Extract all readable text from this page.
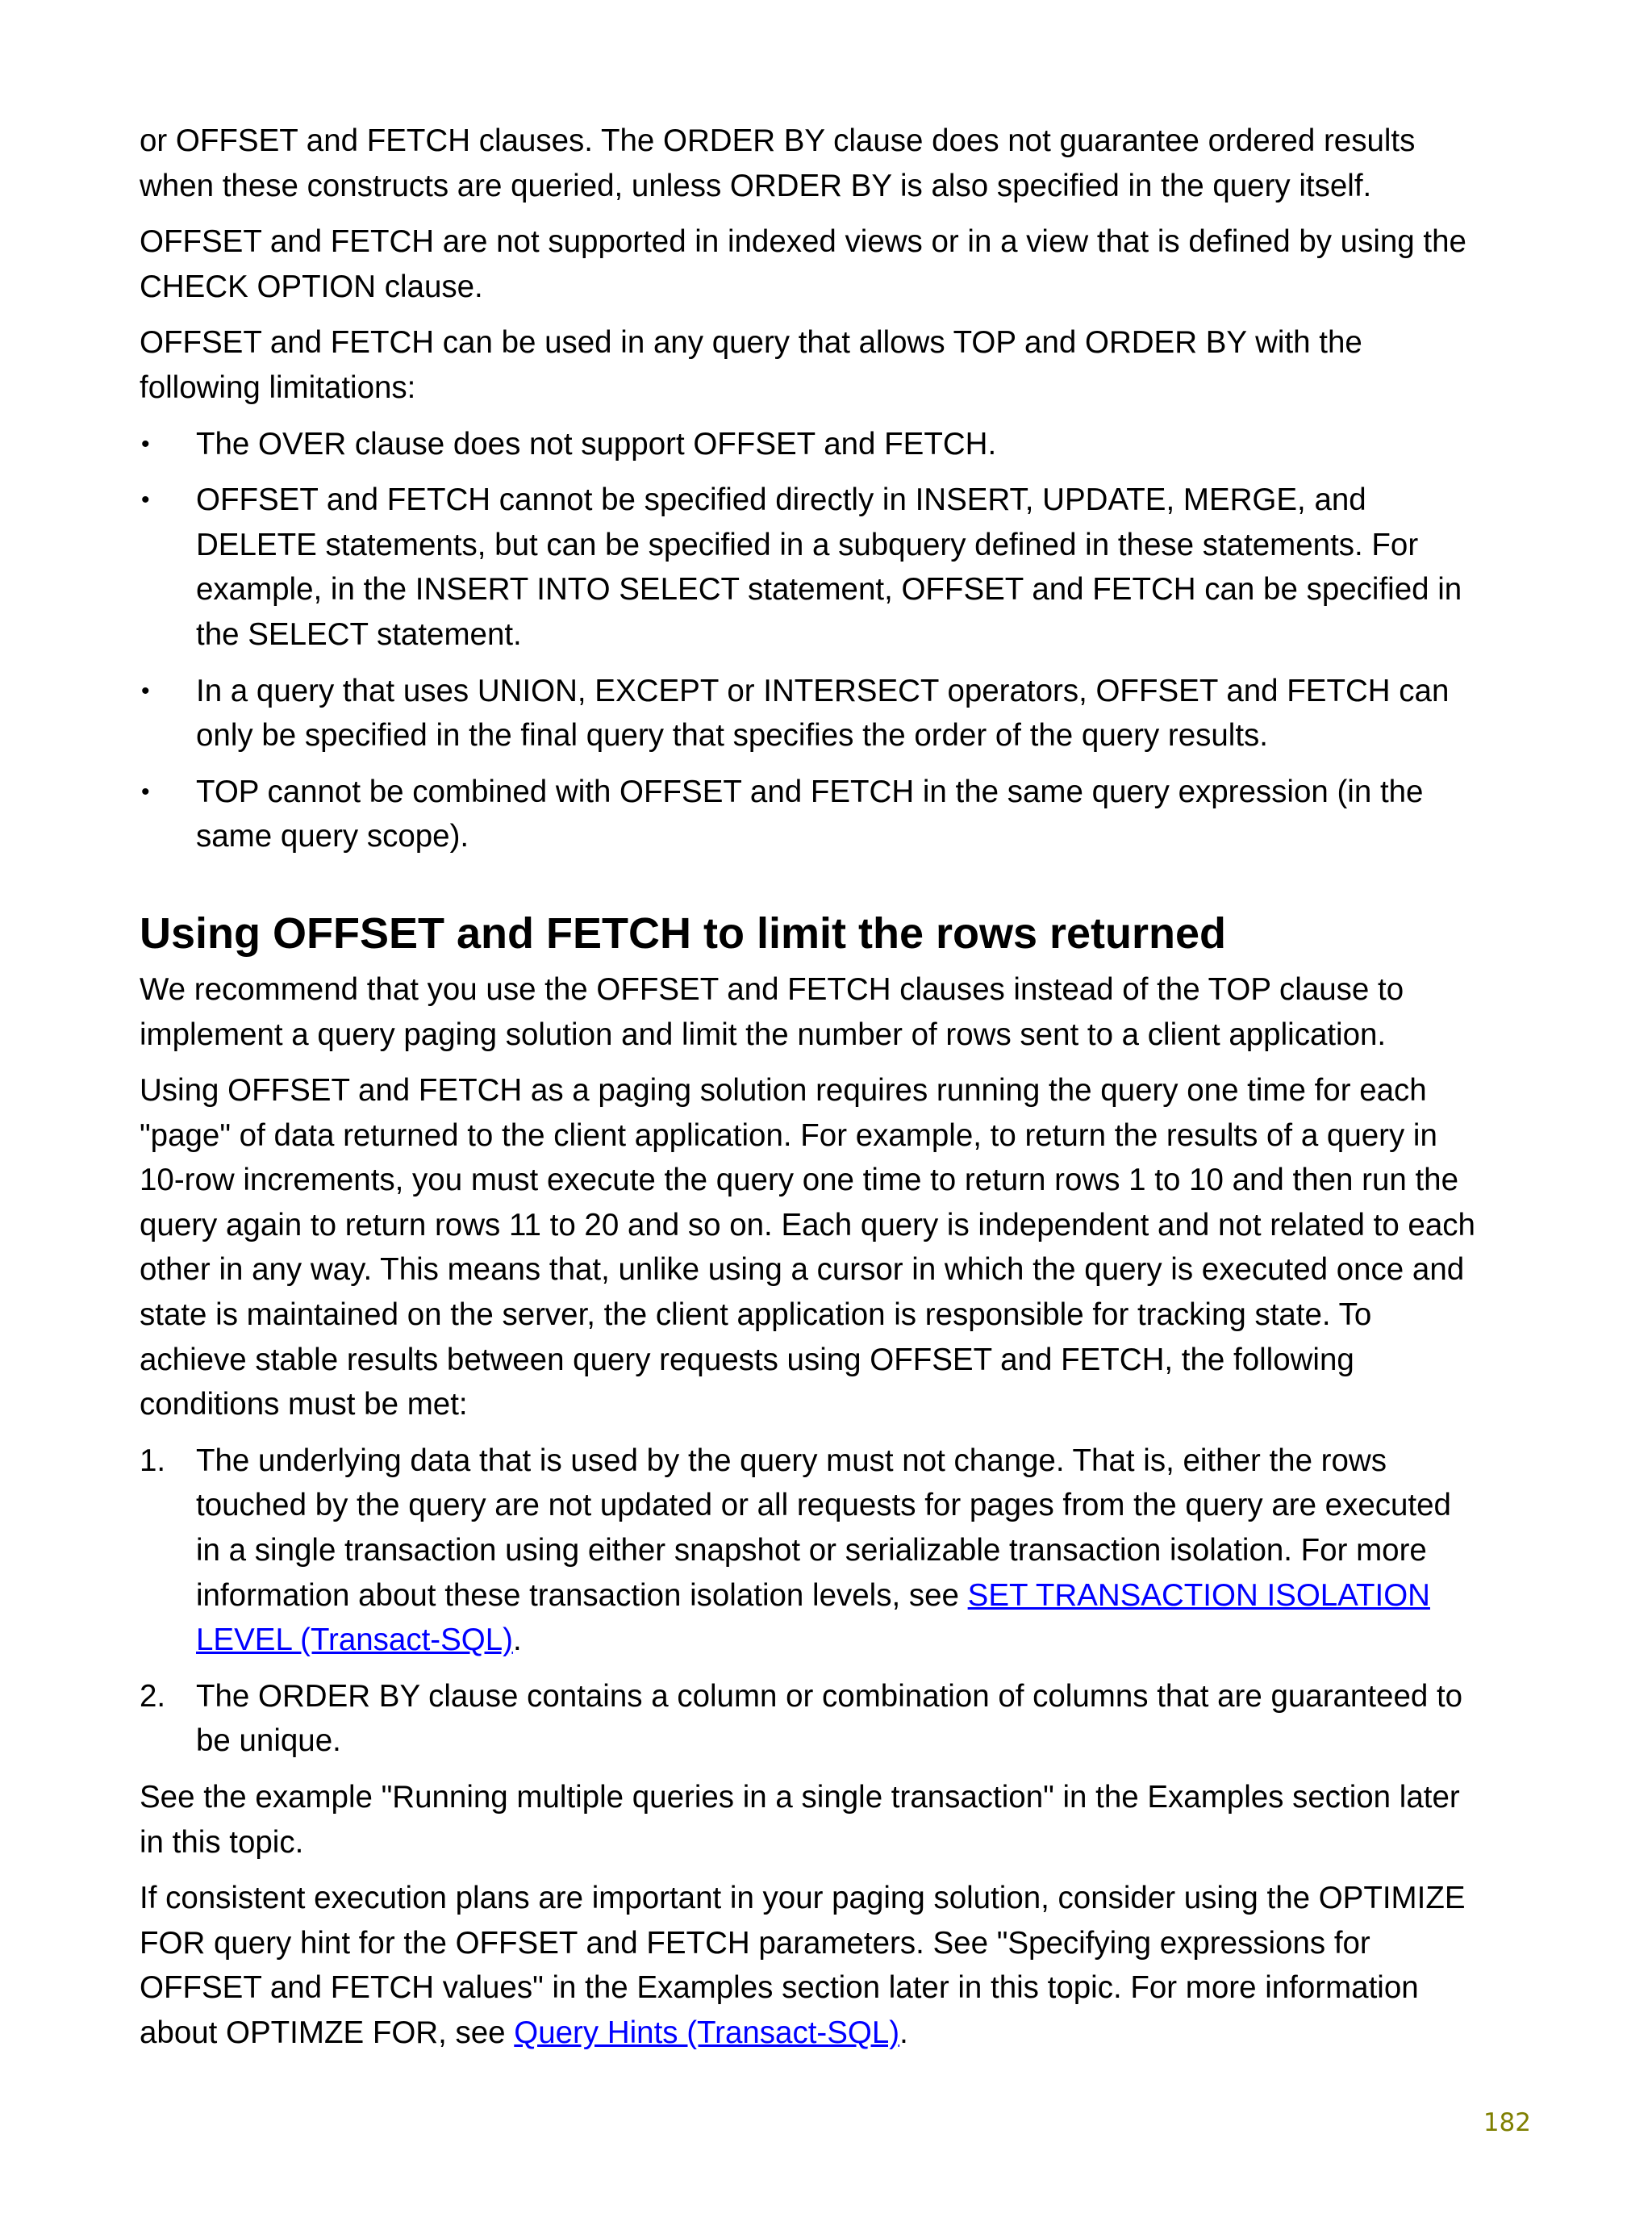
or OFFSET and FETCH clauses. The ORDER BY clause does not guarantee ordered results
when these constructs are queried, unless ORDER BY is also specified in the query itself.

OFFSET and FETCH are not supported in indexed views or in a view that is defined by using the
CHECK OPTION clause.

OFFSET and FETCH can be used in any query that allows TOP and ORDER BY with the
following limitations:

• The OVER clause does not support OFFSET and FETCH.
• OFFSET and FETCH cannot be specified directly in INSERT, UPDATE, MERGE, and
DELETE statements, but can be specified in a subquery defined in these statements. For
example, in the INSERT INTO SELECT statement, OFFSET and FETCH can be specified in
the SELECT statement.
• In a query that uses UNION, EXCEPT or INTERSECT operators, OFFSET and FETCH can
only be specified in the final query that specifies the order of the query results.
• TOP cannot be combined with OFFSET and FETCH in the same query expression (in the
same query scope).
Using OFFSET and FETCH to limit the rows returned

We recommend that you use the OFFSET and FETCH clauses instead of the TOP clause to
implement a query paging solution and limit the number of rows sent to a client application.

Using OFFSET and FETCH as a paging solution requires running the query one time for each
"page" of data returned to the client application. For example, to return the results of a query in
10-row increments, you must execute the query one time to return rows 1 to 10 and then run the
query again to return rows 11 to 20 and so on. Each query is independent and not related to each
other in any way. This means that, unlike using a cursor in which the query is executed once and
state is maintained on the server, the client application is responsible for tracking state. To
achieve stable results between query requests using OFFSET and FETCH, the following
conditions must be met:

1. The underlying data that is used by the query must not change. That is, either the rows
touched by the query are not updated or all requests for pages from the query are executed
in a single transaction using either snapshot or serializable transaction isolation. For more
information about these transaction isolation levels, see SET TRANSACTION ISOLATION
LEVEL (Transact-SQL).
2. The ORDER BY clause contains a column or combination of columns that are guaranteed to
be unique.

See the example "Running multiple queries in a single transaction" in the Examples section later
in this topic.

If consistent execution plans are important in your paging solution, consider using the OPTIMIZE
FOR query hint for the OFFSET and FETCH parameters. See "Specifying expressions for
OFFSET and FETCH values" in the Examples section later in this topic. For more information
about OPTIMZE FOR, see Query Hints (Transact-SQL).

182
